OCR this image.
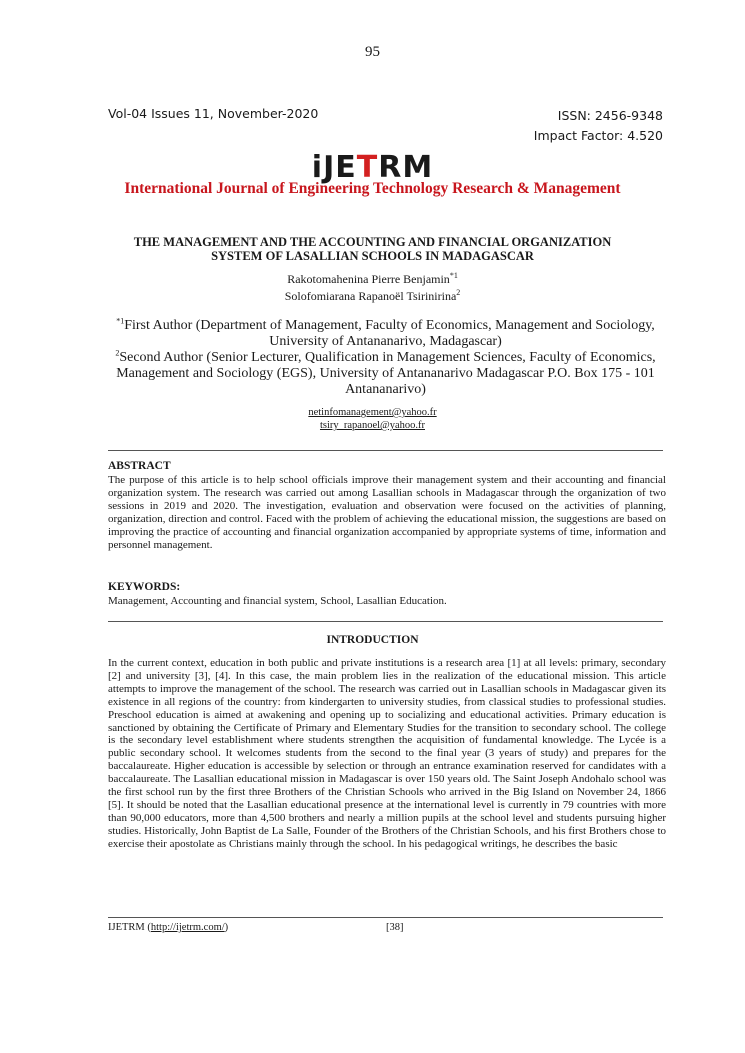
95
Vol-04 Issues 11, November-2020	ISSN: 2456-9348
Impact Factor: 4.520
iJETRM
International Journal of Engineering Technology Research & Management
THE MANAGEMENT AND THE ACCOUNTING AND FINANCIAL ORGANIZATION
SYSTEM OF LASALLIAN SCHOOLS IN MADAGASCAR
Rakotomahenina Pierre Benjamin$^{*1}$
Solofomiarana Rapanoël Tsirinirina$^2$
$^{*1}$First Author (Department of Management, Faculty of Economics, Management and Sociology, University of Antananarivo, Madagascar)
$^2$Second Author (Senior Lecturer, Qualification in Management Sciences, Faculty of Economics, Management and Sociology (EGS), University of Antananarivo Madagascar P.O. Box 175 - 101 Antananarivo)
netinfomanagement@yahoo.fr
tsiry_rapanoel@yahoo.fr
ABSTRACT
The purpose of this article is to help school officials improve their management system and their accounting and financial organization system. The research was carried out among Lasallian schools in Madagascar through the organization of two sessions in 2019 and 2020. The investigation, evaluation and observation were focused on the activities of planning, organization, direction and control. Faced with the problem of achieving the educational mission, the suggestions are based on improving the practice of accounting and financial organization accompanied by appropriate systems of time, information and personnel management.
KEYWORDS:
Management, Accounting and financial system, School, Lasallian Education.
INTRODUCTION
In the current context, education in both public and private institutions is a research area [1] at all levels: primary, secondary [2] and university [3], [4]. In this case, the main problem lies in the realization of the educational mission. This article attempts to improve the management of the school. The research was carried out in Lasallian schools in Madagascar given its existence in all regions of the country: from kindergarten to university studies, from classical studies to professional studies. Preschool education is aimed at awakening and opening up to socializing and educational activities. Primary education is sanctioned by obtaining the Certificate of Primary and Elementary Studies for the transition to secondary school. The college is the secondary level establishment where students strengthen the acquisition of fundamental knowledge. The Lycée is a public secondary school. It welcomes students from the second to the final year (3 years of study) and prepares for the baccalaureate. Higher education is accessible by selection or through an entrance examination reserved for candidates with a baccalaureate. The Lasallian educational mission in Madagascar is over 150 years old. The Saint Joseph Andohalo school was the first school run by the first three Brothers of the Christian Schools who arrived in the Big Island on November 24, 1866 [5]. It should be noted that the Lasallian educational presence at the international level is currently in 79 countries with more than 90,000 educators, more than 4,500 brothers and nearly a million pupils at the school level and students pursuing higher studies. Historically, John Baptist de La Salle, Founder of the Brothers of the Christian Schools, and his first Brothers chose to exercise their apostolate as Christians mainly through the school. In his pedagogical writings, he describes the basic
IJETRM (http://ijetrm.com/)	[38]
